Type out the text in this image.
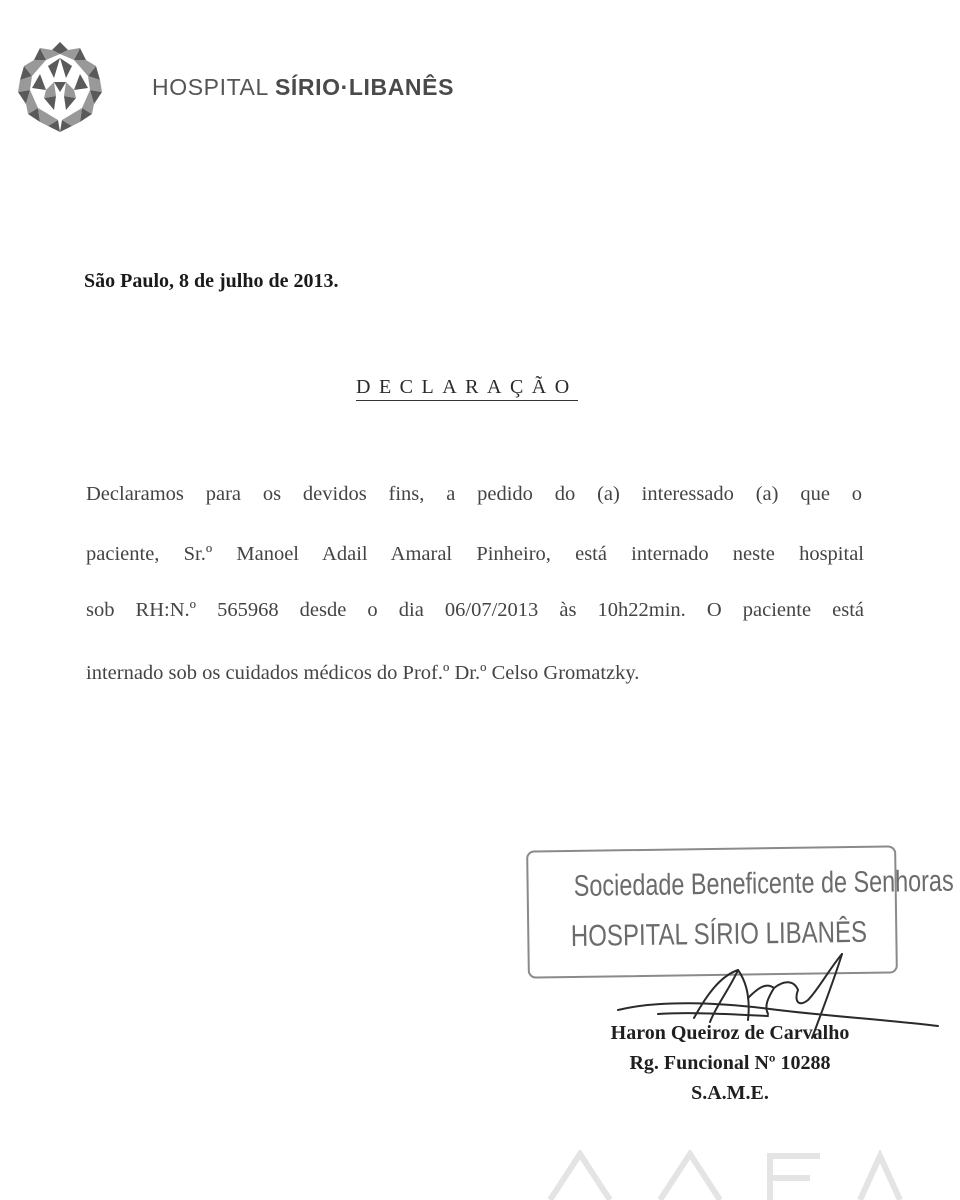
HOSPITAL SÍRIO·LIBANÊS
São Paulo, 8 de julho de 2013.
DECLARAÇÃO
Declaramos para os devidos fins, a pedido do (a) interessado (a) que o
paciente, Sr.º Manoel Adail Amaral Pinheiro, está internado neste hospital
sob RH:N.º 565968 desde o dia 06/07/2013 às 10h22min. O paciente está
internado sob os cuidados médicos do Prof.º Dr.º Celso Gromatzky.
Sociedade Beneficente de Senhoras
HOSPITAL SÍRIO LIBANÊS
Haron Queiroz de Carvalho
Rg. Funcional Nº 10288
S.A.M.E.
